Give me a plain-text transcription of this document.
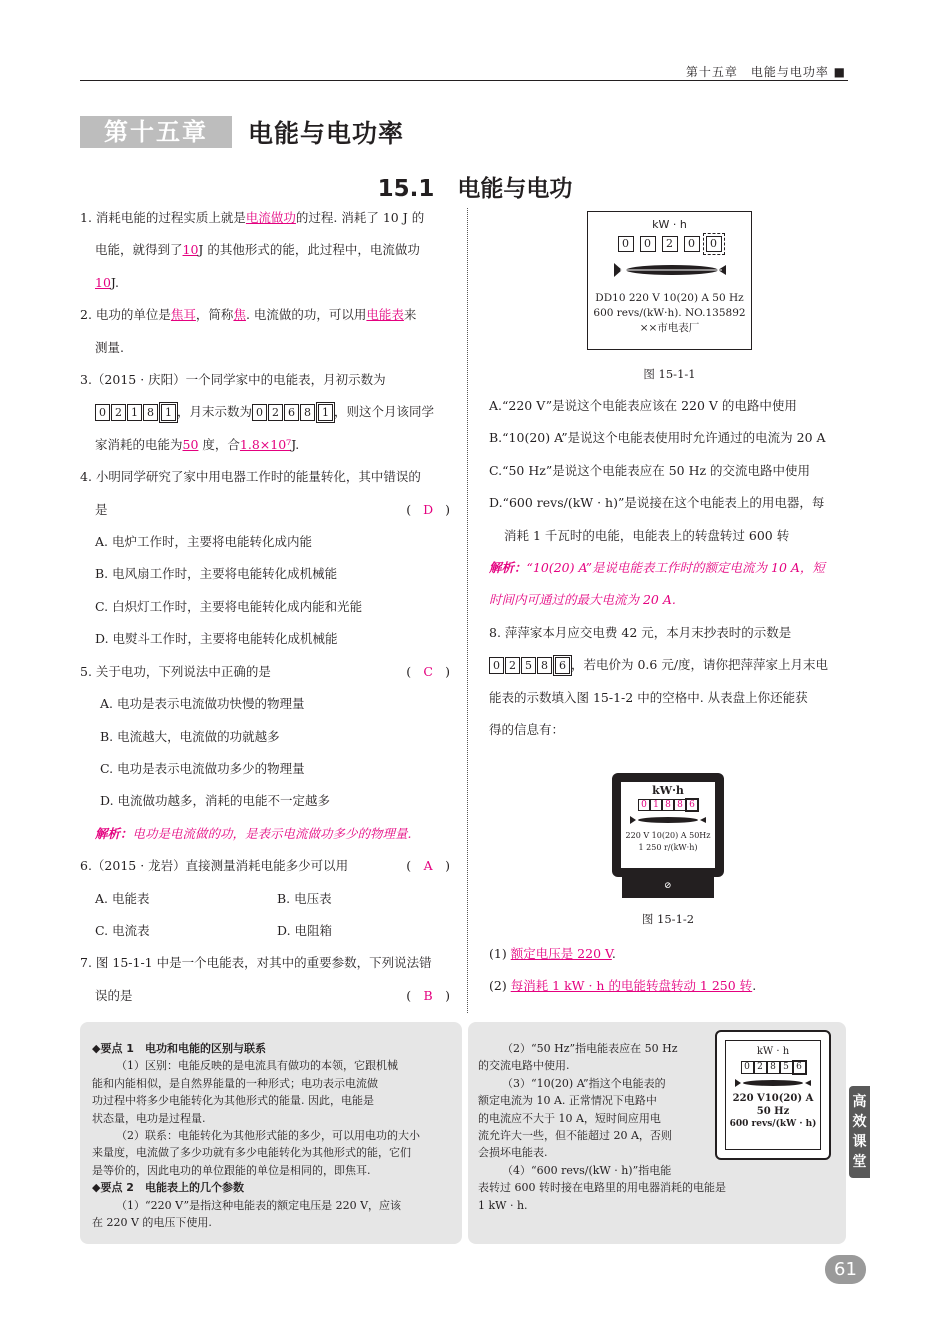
第十五章　电能与电功率 ■
第十五章	电能与电功率
15.1　电能与电功

1. 消耗电能的过程实质上就是电流做功的过程. 消耗了 10 J 的

电能，就得到了10J 的其他形式的能，此过程中，电流做功

10J.

2. 电功的单位是焦耳，简称焦. 电流做的功，可以用电能表来

测量.

3.（2015 · 庆阳）一个同学家中的电能表，月初示数为

0 2 1 8 1 ，月末示数为 0 2 6 8 1 ，则这个月该同学

家消耗的电能为50 度，合1.8×10⁷J.

4. 小明同学研究了家中用电器工作时的能量转化，其中错误的

是	( D )

A. 电炉工作时，主要将电能转化成内能

B. 电风扇工作时，主要将电能转化成机械能

C. 白炽灯工作时，主要将电能转化成内能和光能

D. 电熨斗工作时，主要将电能转化成机械能

5. 关于电功，下列说法中正确的是	( C )

A. 电功是表示电流做功快慢的物理量

B. 电流越大，电流做的功就越多

C. 电功是表示电流做功多少的物理量

D. 电流做功越多，消耗的电能不一定越多

解析：电功是电流做的功，是表示电流做功多少的物理量.

6.（2015 · 龙岩）直接测量消耗电能多少可以用	( A )

A. 电能表	B. 电压表

C. 电流表	D. 电阻箱

7. 图 15-1-1 中是一个电能表，对其中的重要参数，下列说法错

误的是	( B )

kW · h
0	0	2	0	0
DD10 220 V 10(20) A 50 Hz
600 revs/(kW·h). NO.135892
××市电表厂
图 15-1-1

A.“220 V”是说这个电能表应该在 220 V 的电路中使用

B.“10(20) A”是说这个电能表使用时允许通过的电流为 20 A

C.“50 Hz”是说这个电能表应在 50 Hz 的交流电路中使用

D.“600 revs/(kW · h)”是说接在这个电能表上的用电器，每

消耗 1 千瓦时的电能，电能表上的转盘转过 600 转

解析：“10(20) A”是说电能表工作时的额定电流为 10 A，短

时间内可通过的最大电流为 20 A.

8. 萍萍家本月应交电费 42 元，本月末抄表时的示数是

0 2 5 8 6 ，若电价为 0.6 元/度，请你把萍萍家上月末电

能表的示数填入图 15-1-2 中的空格中. 从表盘上你还能获

得的信息有：

kW·h
0 1 8 8 6
220 V 10(20) A 50Hz
1 250 r/(kW·h)
⊘
图 15-1-2

(1) 额定电压是 220 V.

(2) 每消耗 1 kW · h 的电能转盘转动 1 250 转.

◆要点 1　电功和电能的区别与联系

（1）区别：电能反映的是电流具有做功的本领，它跟机械

能和内能相似，是自然界能量的一种形式；电功表示电流做

功过程中将多少电能转化为其他形式的能量. 因此，电能是

状态量，电功是过程量.

（2）联系：电能转化为其他形式能的多少，可以用电功的大小

来量度，电流做了多少功就有多少电能转化为其他形式的能，它们

是等价的，因此电功的单位跟能的单位是相同的，即焦耳.

◆要点 2　电能表上的几个参数

（1）“220 V”是指这种电能表的额定电压是 220 V，应该

在 220 V 的电压下使用.

（2）“50 Hz”指电能表应在 50 Hz

的交流电路中使用.

（3）“10(20) A”指这个电能表的

额定电流为 10 A. 正常情况下电路中

的电流应不大于 10 A，短时间应用电

流允许大一些，但不能超过 20 A，否则

会损坏电能表.

（4）“600 revs/(kW · h)”指电能

表转过 600 转时接在电路里的用电器消耗的电能是

1 kW · h.

kW · h
0 2 8 5 6
220 V10(20) A
50 Hz
600 revs/(kW · h)
高效课堂
61
